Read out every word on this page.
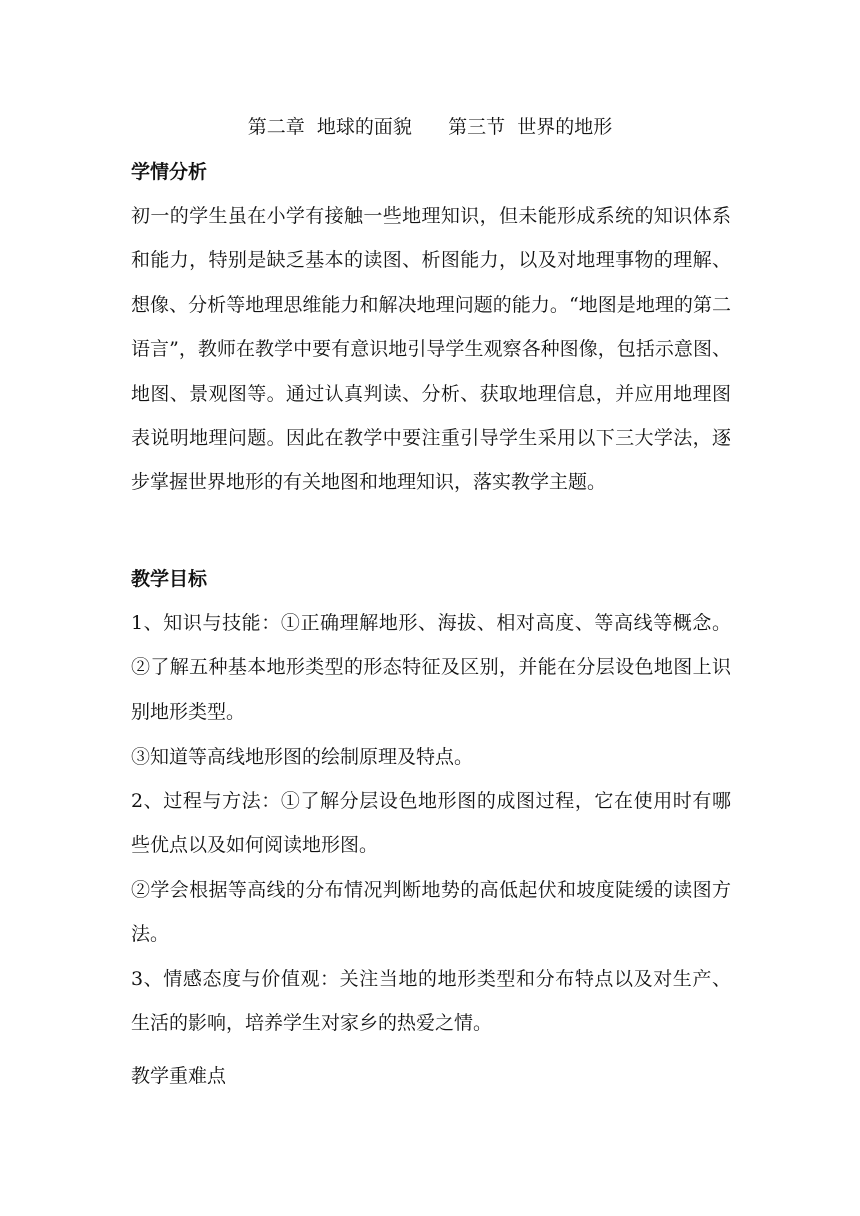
第二章  地球的面貌      第三节  世界的地形
学情分析
初一的学生虽在小学有接触一些地理知识，但未能形成系统的知识体系和能力，特别是缺乏基本的读图、析图能力，以及对地理事物的理解、想像、分析等地理思维能力和解决地理问题的能力。“地图是地理的第二语言”，教师在教学中要有意识地引导学生观察各种图像，包括示意图、地图、景观图等。通过认真判读、分析、获取地理信息，并应用地理图表说明地理问题。因此在教学中要注重引导学生采用以下三大学法，逐步掌握世界地形的有关地图和地理知识，落实教学主题。
教学目标
1、知识与技能：①正确理解地形、海拔、相对高度、等高线等概念。②了解五种基本地形类型的形态特征及区别，并能在分层设色地图上识别地形类型。
③知道等高线地形图的绘制原理及特点。
2、过程与方法：①了解分层设色地形图的成图过程，它在使用时有哪些优点以及如何阅读地形图。
②学会根据等高线的分布情况判断地势的高低起伏和坡度陡缓的读图方法。
3、情感态度与价值观：关注当地的地形类型和分布特点以及对生产、生活的影响，培养学生对家乡的热爱之情。
教学重难点
